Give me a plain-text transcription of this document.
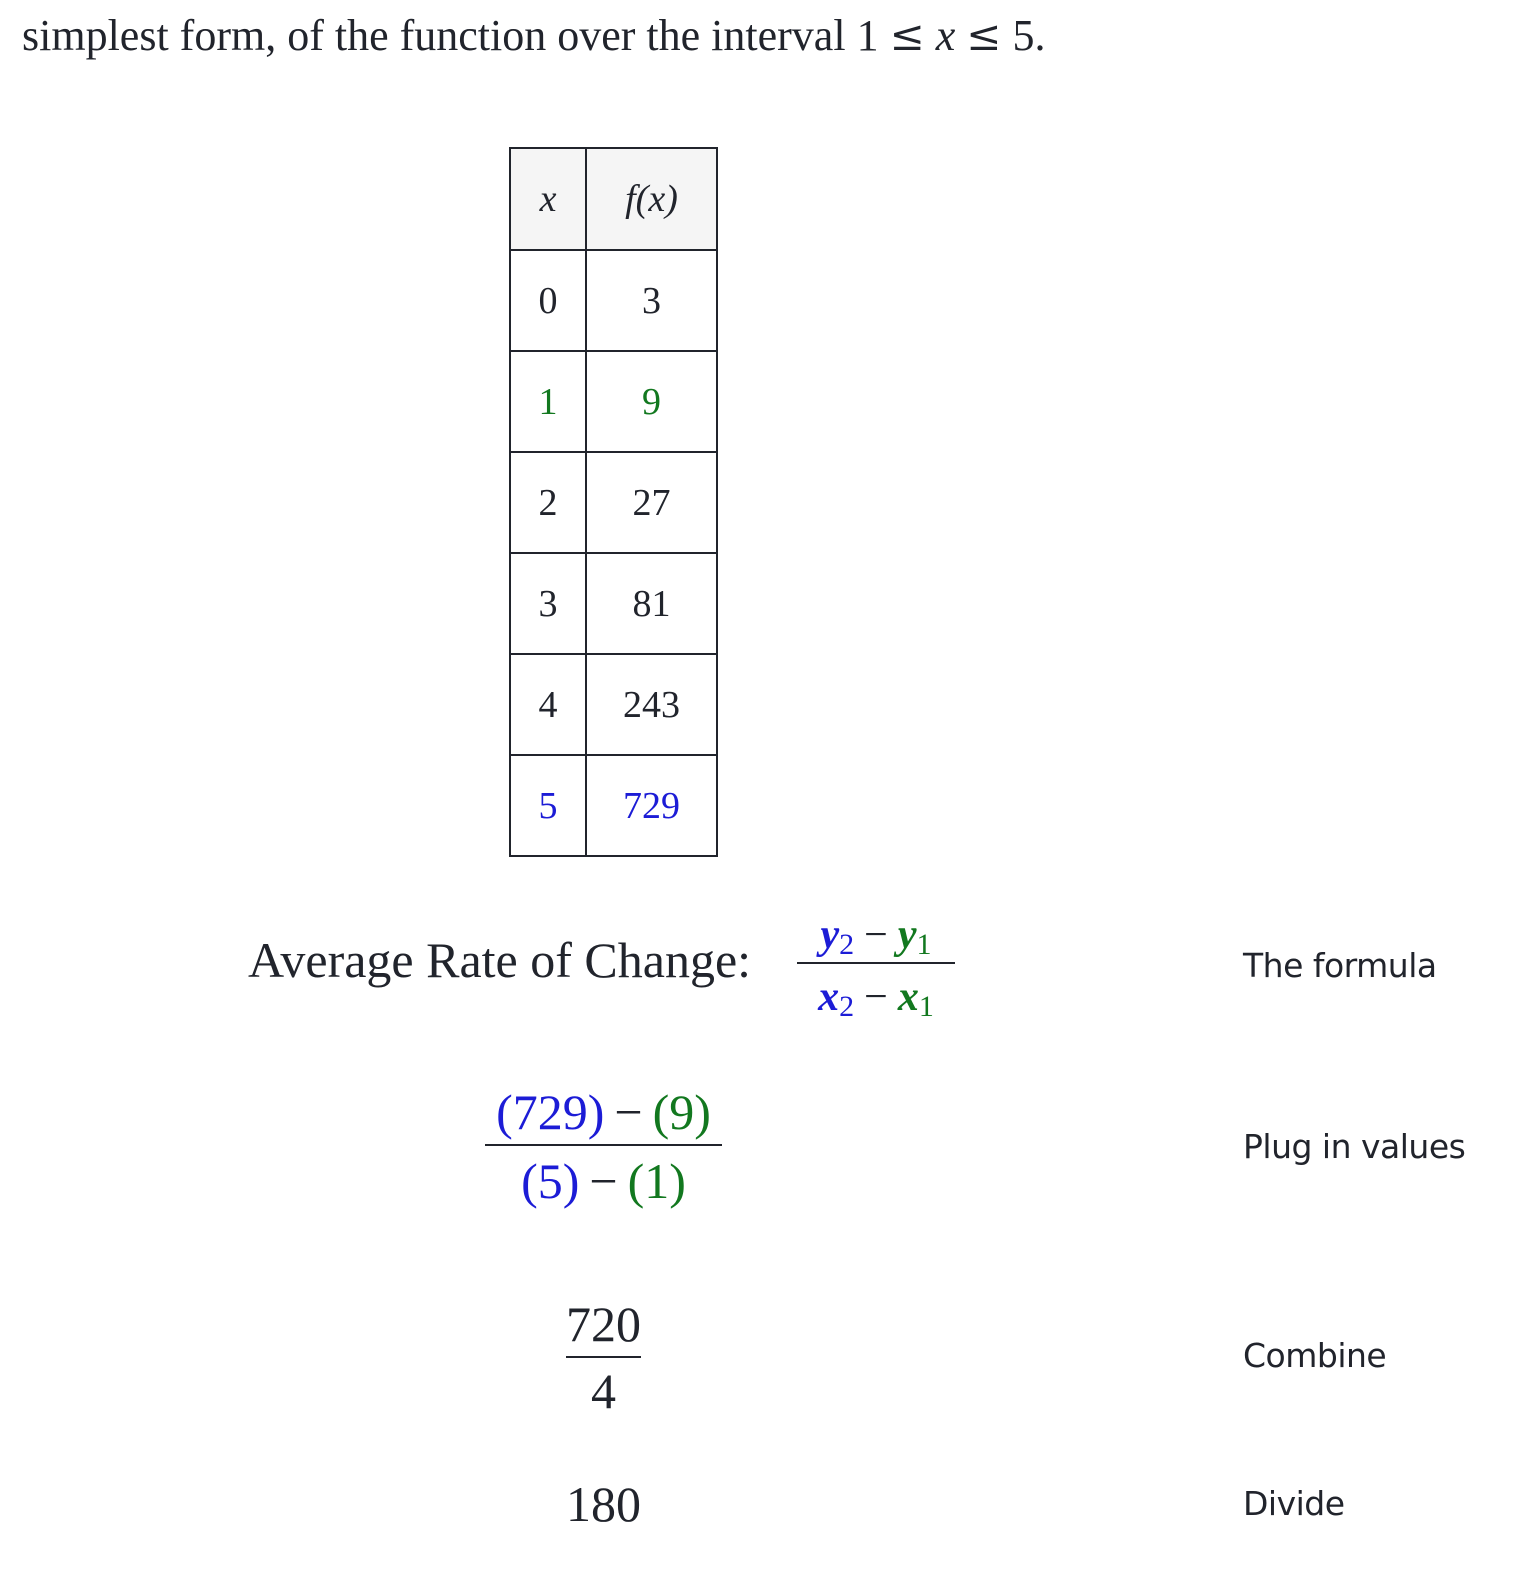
simplest form, of the function over the interval 1 ≤ x ≤ 5.
x	f(x)
0	3
1	9
2	27
3	81
4	243
5	729
Average Rate of Change: $y_2 - y_1$
$x_2 - x_1$
(729) − (9)
(5) − (1)
720
4
180
The formula
Plug in values
Combine
Divide
